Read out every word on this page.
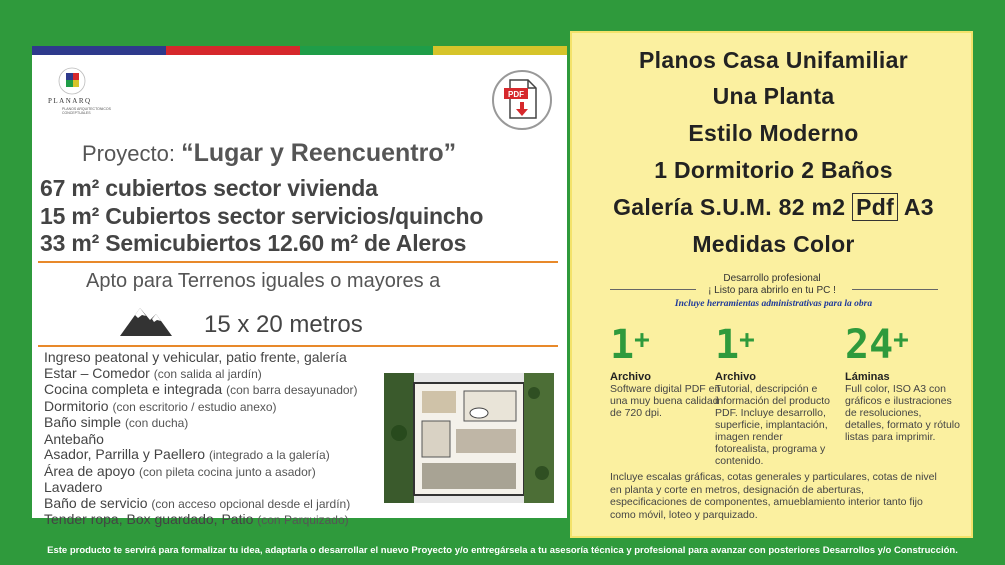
PLANARQ
PLANOS ARQUITECTONICOS CONCEPTUALES
PDF
Proyecto: “Lugar y Reencuentro”
67 m² cubiertos sector vivienda
15 m² Cubiertos sector servicios/quincho
33 m² Semicubiertos 12.60 m² de Aleros
Apto para Terrenos iguales o mayores a
15 x 20 metros
Ingreso peatonal y vehicular, patio frente, galería
Estar – Comedor (con salida al jardín)
Cocina completa e integrada (con barra desayunador)
Dormitorio (con escritorio / estudio anexo)
Baño simple (con ducha)
Antebaño
Asador, Parrilla y Paellero (integrado a la galería)
Área de apoyo (con pileta cocina junto a asador)
Lavadero
Baño de servicio (con acceso opcional desde el jardín)
Tender ropa, Box guardado, Patio (con Parquizado)
Planos Casa Unifamiliar
Una Planta
Estilo Moderno
1 Dormitorio 2 Baños
Galería S.U.M. 82 m2 Pdf A3
Medidas Color
Desarrollo profesional
¡ Listo para abrirlo en tu PC !
Incluye herramientas administrativas para la obra
1+
Archivo
Software digital PDF en una muy buena calidad de 720 dpi.
1+
Archivo
Tutorial, descripción e información del producto PDF. Incluye desarrollo, superficie, implantación, imagen render fotorealista, programa y contenido.
24+
Láminas
Full color, ISO A3 con gráficos e ilustraciones de resoluciones, detalles, formato y rótulo listas para imprimir.
Incluye escalas gráficas, cotas generales y particulares, cotas de nivel en planta y corte en metros, designación de aberturas, especificaciones de componentes, amueblamiento interior tanto fijo como móvil, loteo y parquizado.
Este producto te servirá para formalizar tu idea, adaptarla o desarrollar el nuevo Proyecto y/o entregársela a tu asesoría técnica y profesional para avanzar con posteriores Desarrollos y/o Construcción.
